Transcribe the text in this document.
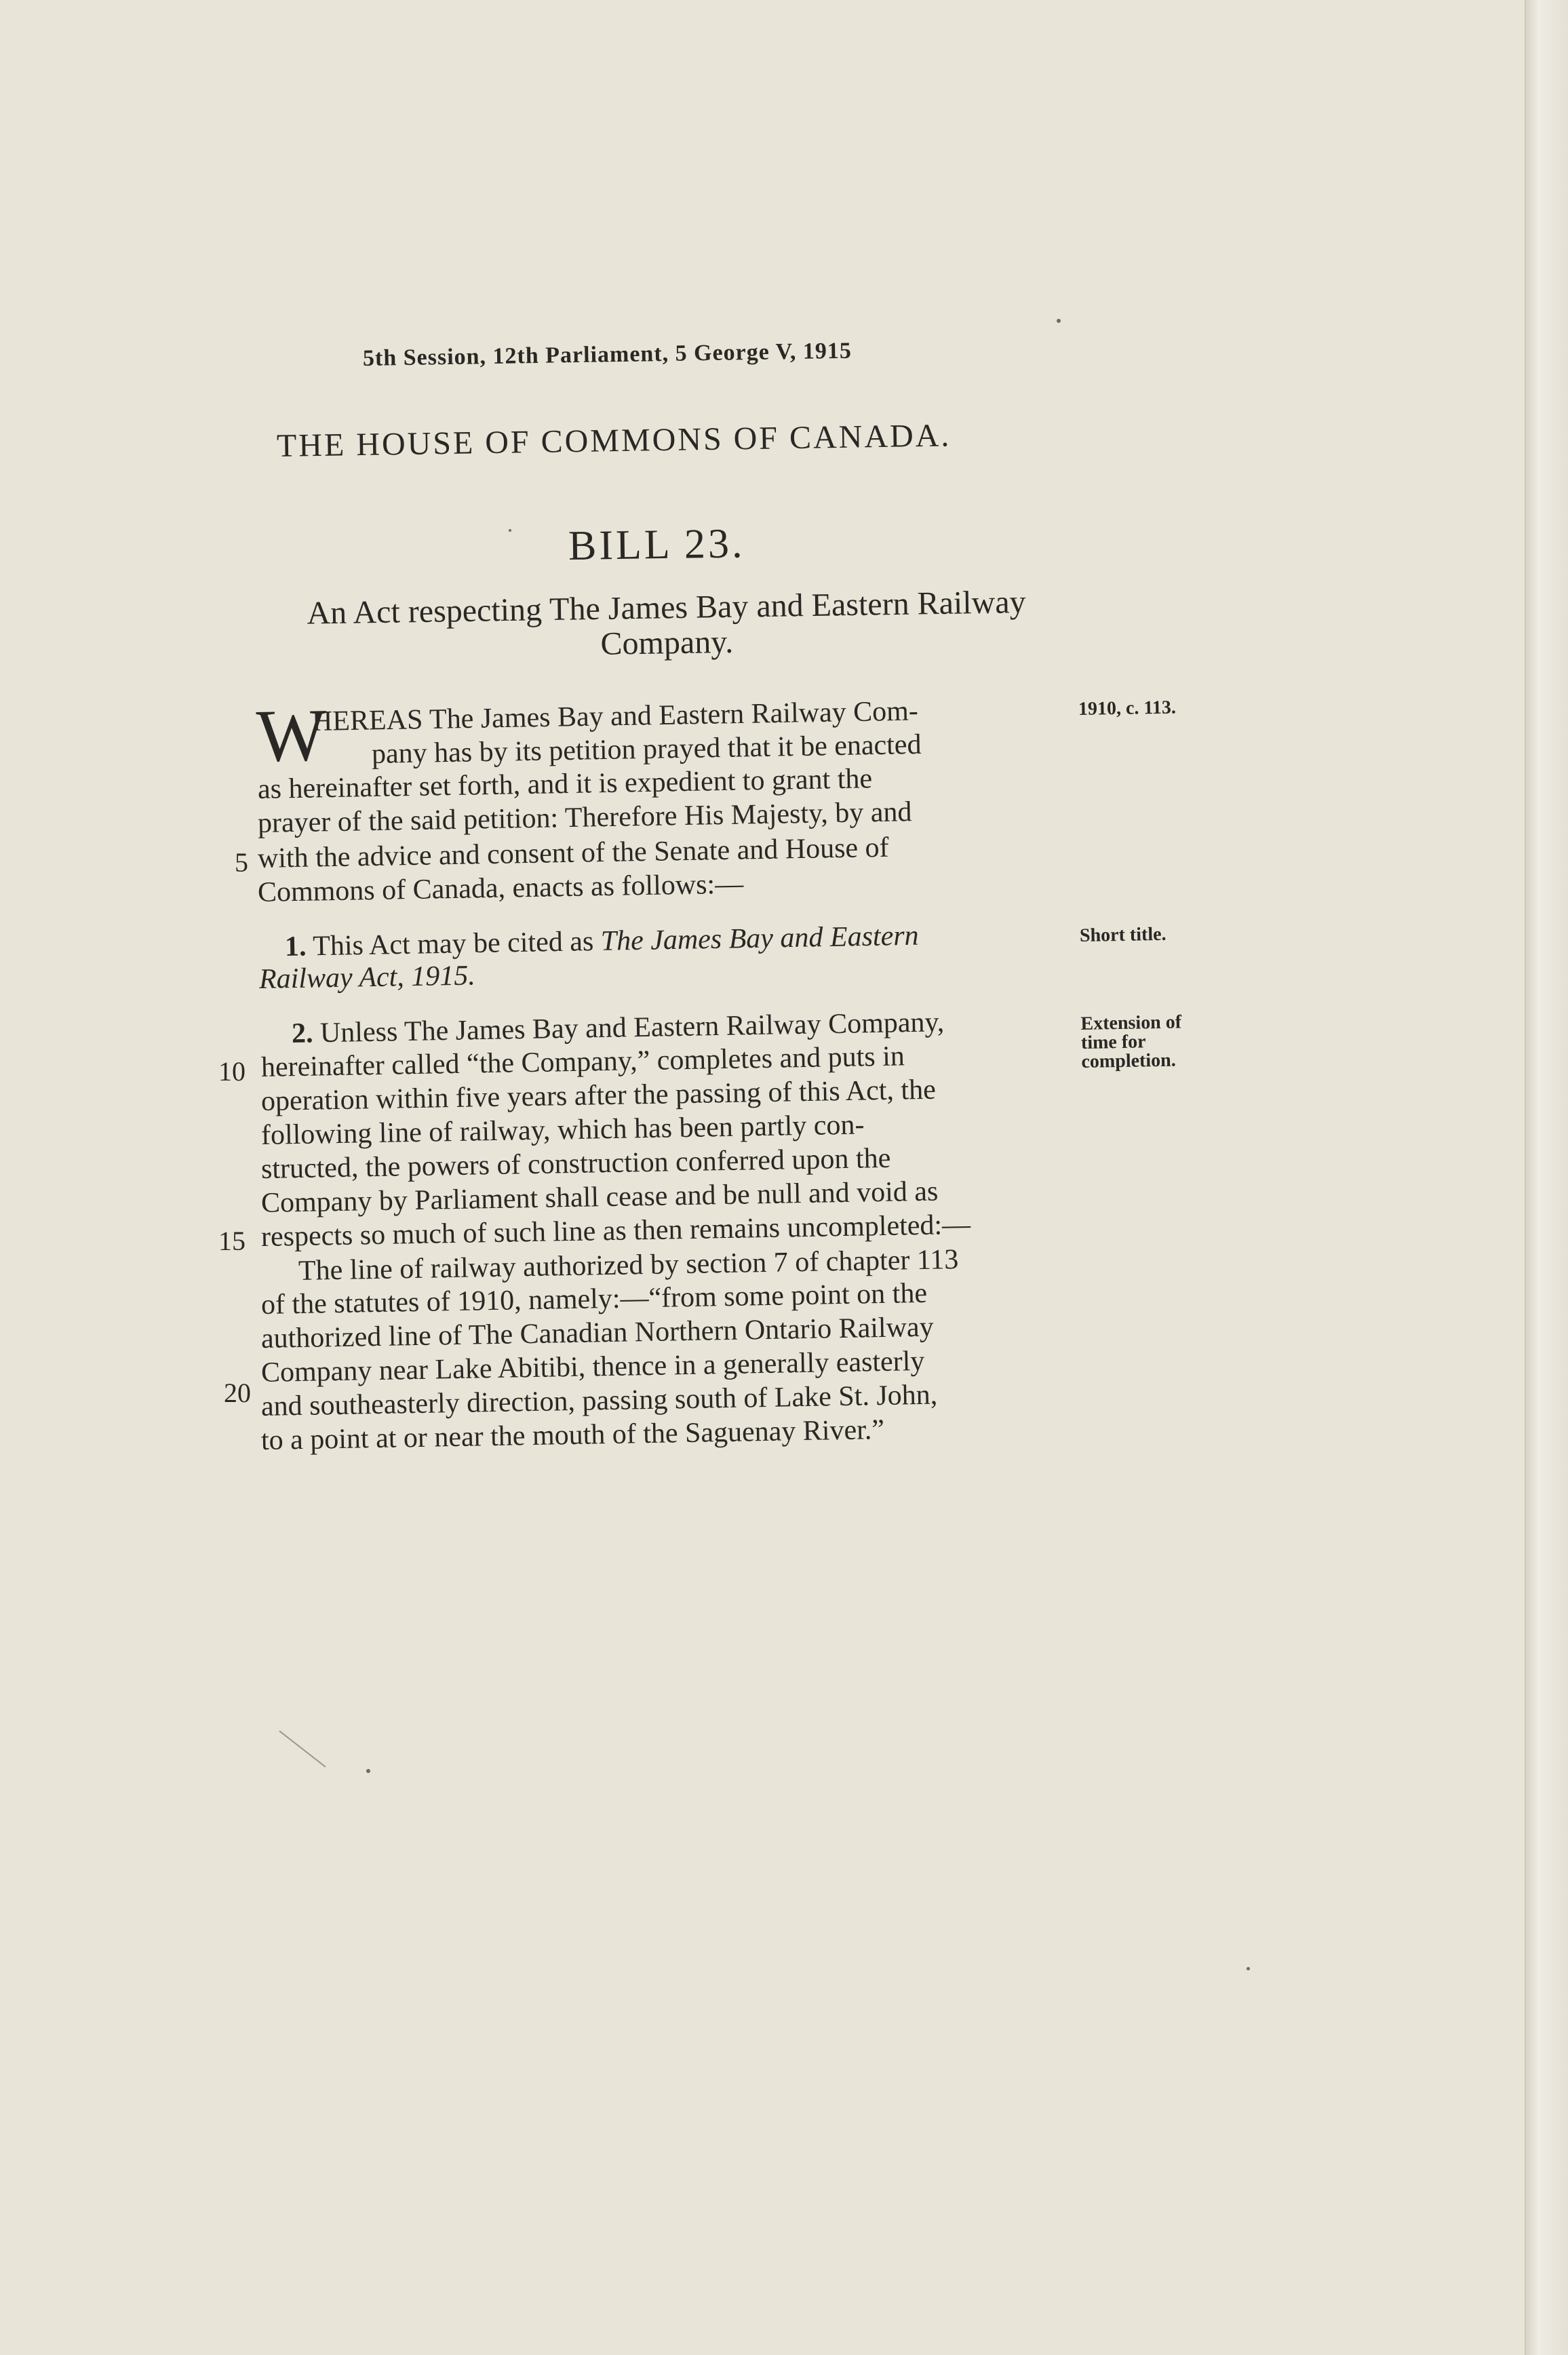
5th Session, 12th Parliament, 5 George V, 1915
THE HOUSE OF COMMONS OF CANADA.
BILL 23.
An Act respecting The James Bay and Eastern Railway
Company.
W
HEREAS The James Bay and Eastern Railway Com-
pany has by its petition prayed that it be enacted
as hereinafter set forth, and it is expedient to grant the
prayer of the said petition: Therefore His Majesty, by and
with the advice and consent of the Senate and House of
Commons of Canada, enacts as follows:—
5
1910, c. 113.
1. This Act may be cited as The James Bay and Eastern
Railway Act, 1915.
Short title.
2. Unless The James Bay and Eastern Railway Company,
hereinafter called “the Company,” completes and puts in
operation within five years after the passing of this Act, the
following line of railway, which has been partly con-
structed, the powers of construction conferred upon the
Company by Parliament shall cease and be null and void as
respects so much of such line as then remains uncompleted:—
The line of railway authorized by section 7 of chapter 113
of the statutes of 1910, namely:—“from some point on the
authorized line of The Canadian Northern Ontario Railway
Company near Lake Abitibi, thence in a generally easterly
and southeasterly direction, passing south of Lake St. John,
to a point at or near the mouth of the Saguenay River.”
10
15
20
Extension of
time for
completion.
